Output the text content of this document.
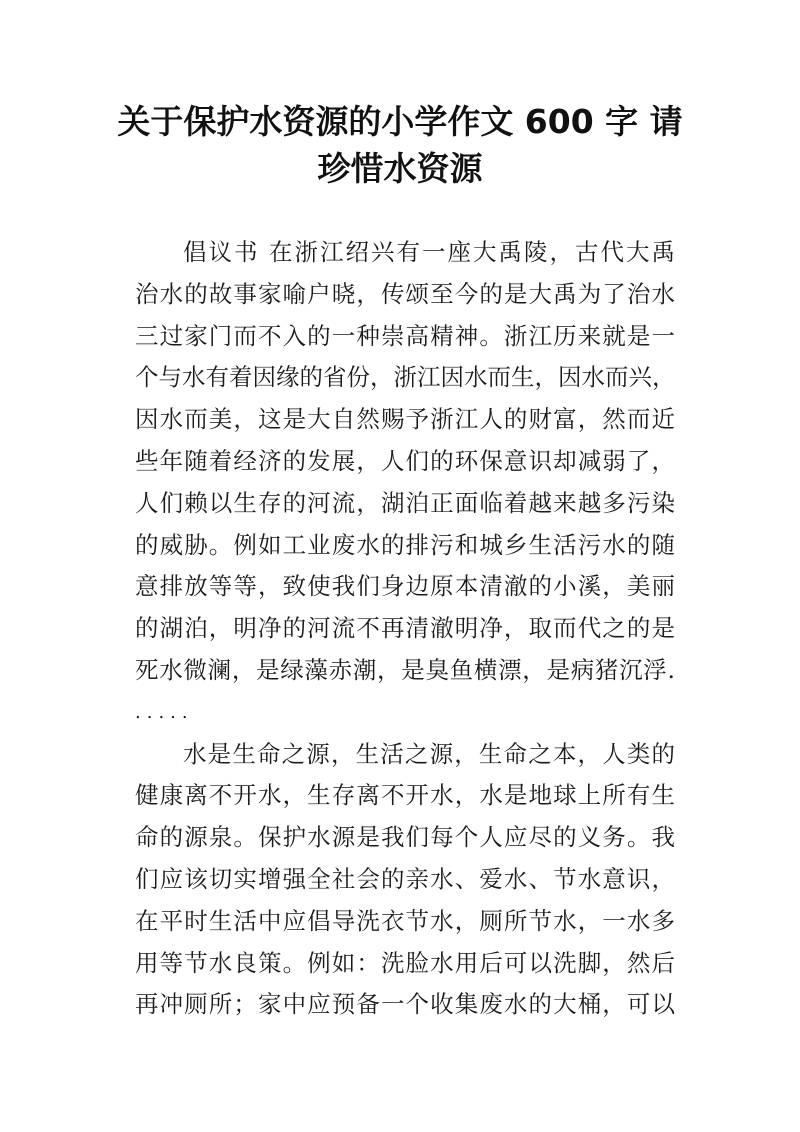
关于保护水资源的小学作文 600 字 请
珍惜水资源
倡议书 在浙江绍兴有一座大禹陵，古代大禹
治水的故事家喻户晓，传颂至今的是大禹为了治水
三过家门而不入的一种崇高精神。浙江历来就是一
个与水有着因缘的省份，浙江因水而生，因水而兴，
因水而美，这是大自然赐予浙江人的财富，然而近
些年随着经济的发展，人们的环保意识却减弱了，
人们赖以生存的河流，湖泊正面临着越来越多污染
的威胁。例如工业废水的排污和城乡生活污水的随
意排放等等，致使我们身边原本清澈的小溪，美丽
的湖泊，明净的河流不再清澈明净，取而代之的是
死水微澜，是绿藻赤潮，是臭鱼横漂，是病猪沉浮.
.....
水是生命之源，生活之源，生命之本，人类的
健康离不开水，生存离不开水，水是地球上所有生
命的源泉。保护水源是我们每个人应尽的义务。我
们应该切实增强全社会的亲水、爱水、节水意识，
在平时生活中应倡导洗衣节水，厕所节水，一水多
用等节水良策。例如：洗脸水用后可以洗脚，然后
再冲厕所；家中应预备一个收集废水的大桶，可以
